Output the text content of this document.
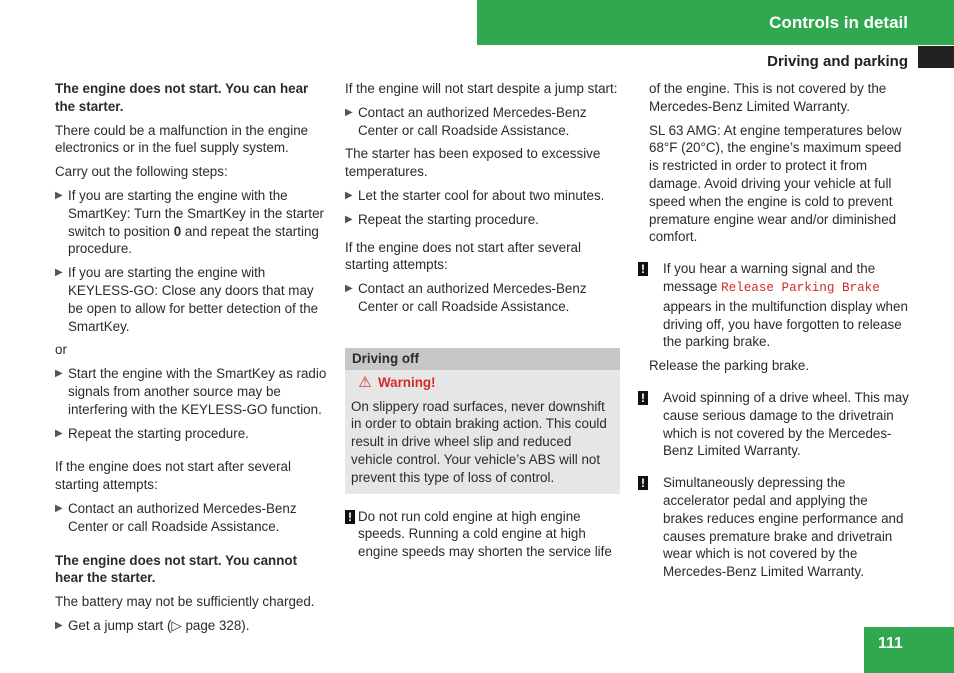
Controls in detail
Driving and parking

The engine does not start. You can hear the starter.

There could be a malfunction in the engine electronics or in the fuel supply system.

Carry out the following steps:

▶ If you are starting the engine with the SmartKey: Turn the SmartKey in the starter switch to position 0 and repeat the starting procedure.
▶ If you are starting the engine with KEYLESS-GO: Close any doors that may be open to allow for better detection of the SmartKey.

or

▶ Start the engine with the SmartKey as radio signals from another source may be interfering with the KEYLESS-GO function.
▶ Repeat the starting procedure.

If the engine does not start after several starting attempts:

▶ Contact an authorized Mercedes-Benz Center or call Roadside Assistance.

The engine does not start. You cannot hear the starter.

The battery may not be sufficiently charged.

▶ Get a jump start (▷ page 328).

If the engine will not start despite a jump start:

▶ Contact an authorized Mercedes-Benz Center or call Roadside Assistance.

The starter has been exposed to excessive temperatures.

▶ Let the starter cool for about two minutes.
▶ Repeat the starting procedure.

If the engine does not start after several starting attempts:

▶ Contact an authorized Mercedes-Benz Center or call Roadside Assistance.
Driving off

⚠ Warning!

On slippery road surfaces, never downshift in order to obtain braking action. This could result in drive wheel slip and reduced vehicle control. Your vehicle’s ABS will not prevent this type of loss of control.

! Do not run cold engine at high engine speeds. Running a cold engine at high engine speeds may shorten the service life

of the engine. This is not covered by the Mercedes-Benz Limited Warranty.

SL 63 AMG: At engine temperatures below 68°F (20°C), the engine’s maximum speed is restricted in order to protect it from damage. Avoid driving your vehicle at full speed when the engine is cold to prevent premature engine wear and/or diminished comfort.

! If you hear a warning signal and the message Release Parking Brake appears in the multifunction display when driving off, you have forgotten to release the parking brake.

Release the parking brake.

! Avoid spinning of a drive wheel. This may cause serious damage to the drivetrain which is not covered by the Mercedes-Benz Limited Warranty.
! Simultaneously depressing the accelerator pedal and applying the brakes reduces engine performance and causes premature brake and drivetrain wear which is not covered by the Mercedes-Benz Limited Warranty.
111
